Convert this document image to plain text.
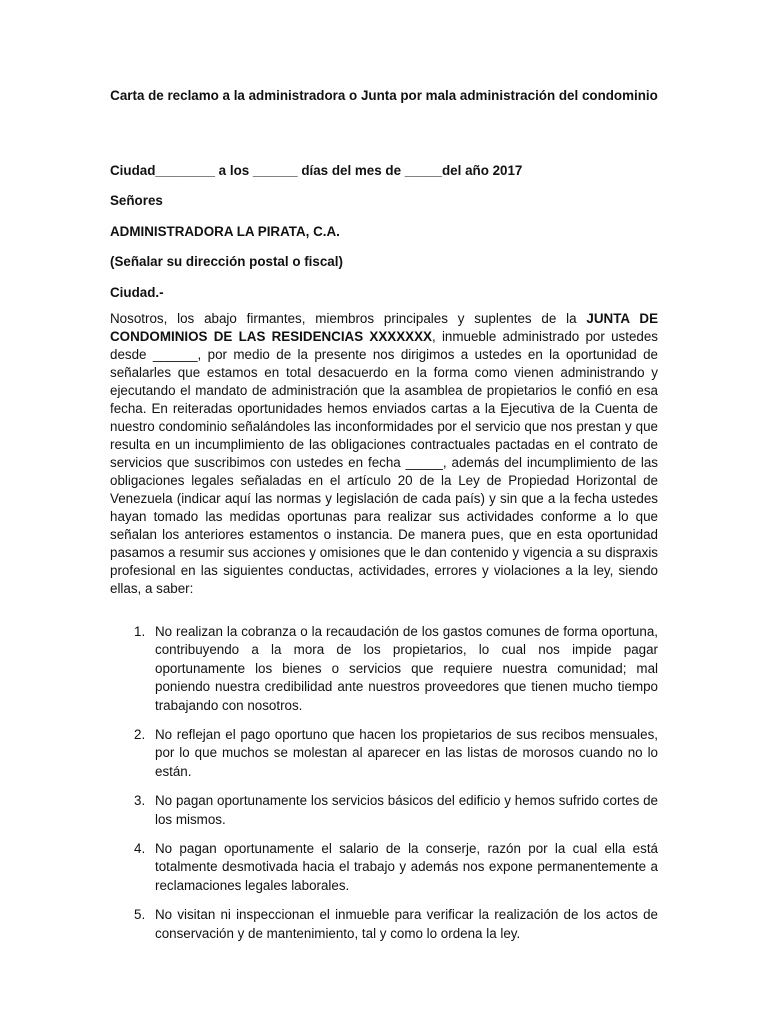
Carta de reclamo a la administradora o Junta por mala administración del condominio
Ciudad________ a los ______ días del mes de _____del año 2017
Señores
ADMINISTRADORA LA PIRATA, C.A.
(Señalar su dirección postal o fiscal)
Ciudad.-
Nosotros, los abajo firmantes, miembros principales y suplentes de la JUNTA DE CONDOMINIOS DE LAS RESIDENCIAS XXXXXXX, inmueble administrado por ustedes desde ______, por medio de la presente nos dirigimos a ustedes en la oportunidad de señalarles que estamos en total desacuerdo en la forma como vienen administrando y ejecutando el mandato de administración que la asamblea de propietarios le confió en esa fecha. En reiteradas oportunidades hemos enviados cartas a la Ejecutiva de la Cuenta de nuestro condominio señalándoles las inconformidades por el servicio que nos prestan y que resulta en un incumplimiento de las obligaciones contractuales pactadas en el contrato de servicios que suscribimos con ustedes en fecha _____, además del incumplimiento de las obligaciones legales señaladas en el artículo 20 de la Ley de Propiedad Horizontal de Venezuela (indicar aquí las normas y legislación de cada país) y sin que a la fecha ustedes hayan tomado las medidas oportunas para realizar sus actividades conforme a lo que señalan los anteriores estamentos o instancia. De manera pues, que en esta oportunidad pasamos a resumir sus acciones y omisiones que le dan contenido y vigencia a su dispraxis profesional en las siguientes conductas, actividades, errores y violaciones a la ley, siendo ellas, a saber:
1. No realizan la cobranza o la recaudación de los gastos comunes de forma oportuna, contribuyendo a la mora de los propietarios, lo cual nos impide pagar oportunamente los bienes o servicios que requiere nuestra comunidad; mal poniendo nuestra credibilidad ante nuestros proveedores que tienen mucho tiempo trabajando con nosotros.
2. No reflejan el pago oportuno que hacen los propietarios de sus recibos mensuales, por lo que muchos se molestan al aparecer en las listas de morosos cuando no lo están.
3. No pagan oportunamente los servicios básicos del edificio y hemos sufrido cortes de los mismos.
4. No pagan oportunamente el salario de la conserje, razón por la cual ella está totalmente desmotivada hacia el trabajo y además nos expone permanentemente a reclamaciones legales laborales.
5. No visitan ni inspeccionan el inmueble para verificar la realización de los actos de conservación y de mantenimiento, tal y como lo ordena la ley.
